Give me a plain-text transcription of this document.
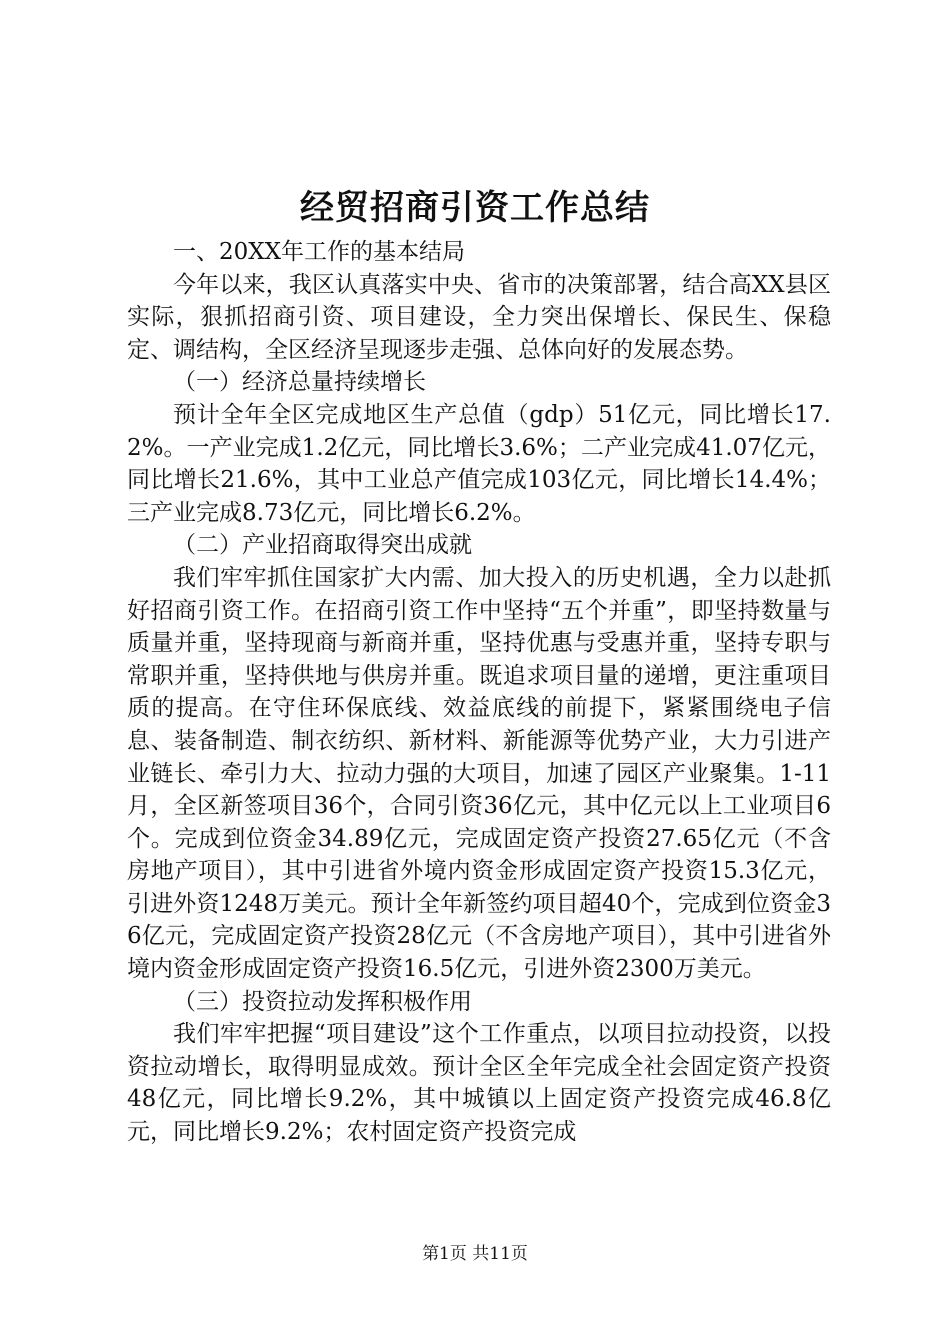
经贸招商引资工作总结

一、20XX年工作的基本结局

今年以来，我区认真落实中央、省市的决策部署，结合高XX县区实际，狠抓招商引资、项目建设，全力突出保增长、保民生、保稳定、调结构，全区经济呈现逐步走强、总体向好的发展态势。

（一）经济总量持续增长

预计全年全区完成地区生产总值（gdp）51亿元，同比增长17.2%。一产业完成1.2亿元，同比增长3.6%；二产业完成41.07亿元，同比增长21.6%，其中工业总产值完成103亿元，同比增长14.4%；三产业完成8.73亿元，同比增长6.2%。

（二）产业招商取得突出成就

我们牢牢抓住国家扩大内需、加大投入的历史机遇，全力以赴抓好招商引资工作。在招商引资工作中坚持“五个并重”，即坚持数量与质量并重，坚持现商与新商并重，坚持优惠与受惠并重，坚持专职与常职并重，坚持供地与供房并重。既追求项目量的递增，更注重项目质的提高。在守住环保底线、效益底线的前提下，紧紧围绕电子信息、装备制造、制衣纺织、新材料、新能源等优势产业，大力引进产业链长、牵引力大、拉动力强的大项目，加速了园区产业聚集。1-11月，全区新签项目36个，合同引资36亿元，其中亿元以上工业项目6个。完成到位资金34.89亿元，完成固定资产投资27.65亿元（不含房地产项目），其中引进省外境内资金形成固定资产投资15.3亿元，引进外资1248万美元。预计全年新签约项目超40个，完成到位资金36亿元，完成固定资产投资28亿元（不含房地产项目），其中引进省外境内资金形成固定资产投资16.5亿元，引进外资2300万美元。

（三）投资拉动发挥积极作用

我们牢牢把握“项目建设”这个工作重点，以项目拉动投资，以投资拉动增长，取得明显成效。预计全区全年完成全社会固定资产投资48亿元，同比增长9.2%，其中城镇以上固定资产投资完成46.8亿元，同比增长9.2%；农村固定资产投资完成

第1页 共11页
